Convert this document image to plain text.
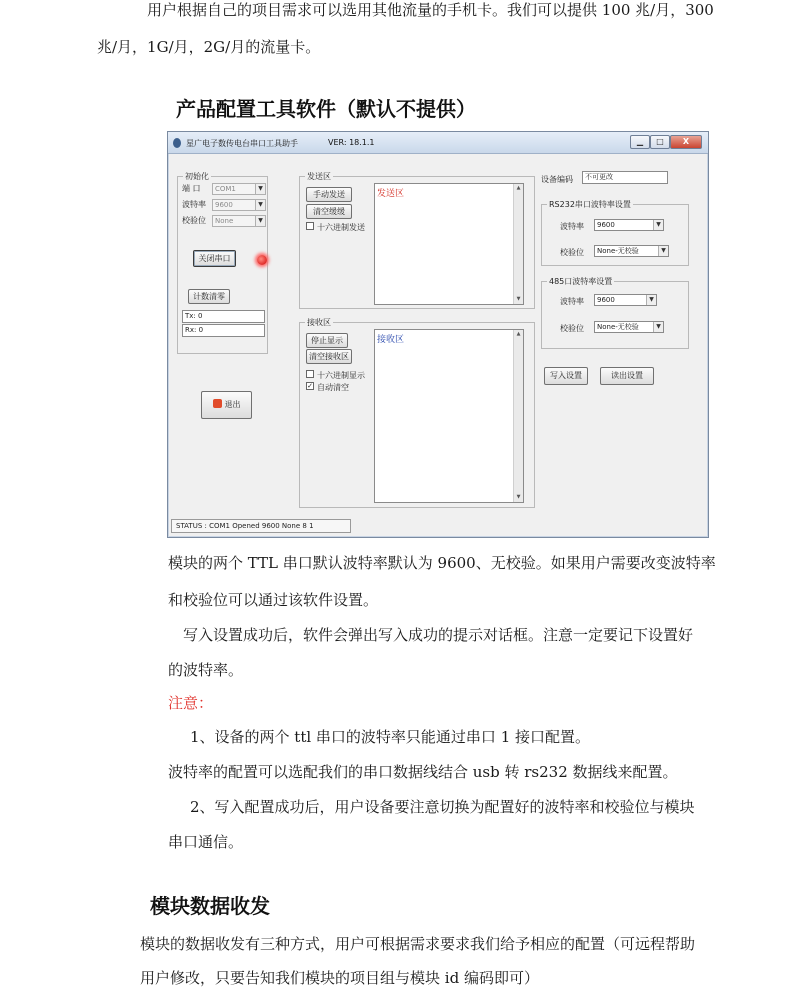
用户根据自己的项目需求可以选用其他流量的手机卡。我们可以提供 100 兆/月，300
兆/月，1G/月，2G/月的流量卡。
产品配置工具软件（默认不提供）
星广电子数传电台串口工具助手	VER: 18.1.1	▁	□	X
初始化
端 口	COM1	▼
波特率	9600	▼
校验位	None	▼
关闭串口
计数清零
Tx: 0
Rx: 0
退出
发送区
手动发送
清空缓缓
十六进制发送
发送区
▲
▼
接收区
停止显示
清空接收区
十六进制显示
✓ 自动清空
接收区
▲
▼
设备编码	不可更改
RS232串口波特率设置
波特率	9600	▼
校验位	None-无校验	▼
485口波特率设置
波特率	9600	▼
校验位	None-无校验	▼
写入设置	读出设置
STATUS : COM1 Opened 9600 None 8 1
模块的两个 TTL 串口默认波特率默认为 9600、无校验。如果用户需要改变波特率
和校验位可以通过该软件设置。
写入设置成功后，软件会弹出写入成功的提示对话框。注意一定要记下设置好
的波特率。
注意：
1、设备的两个 ttl 串口的波特率只能通过串口 1 接口配置。
波特率的配置可以选配我们的串口数据线结合 usb 转 rs232 数据线来配置。
2、写入配置成功后，用户设备要注意切换为配置好的波特率和校验位与模块
串口通信。
模块数据收发
模块的数据收发有三种方式，用户可根据需求要求我们给予相应的配置（可远程帮助
用户修改，只要告知我们模块的项目组与模块 id 编码即可）
